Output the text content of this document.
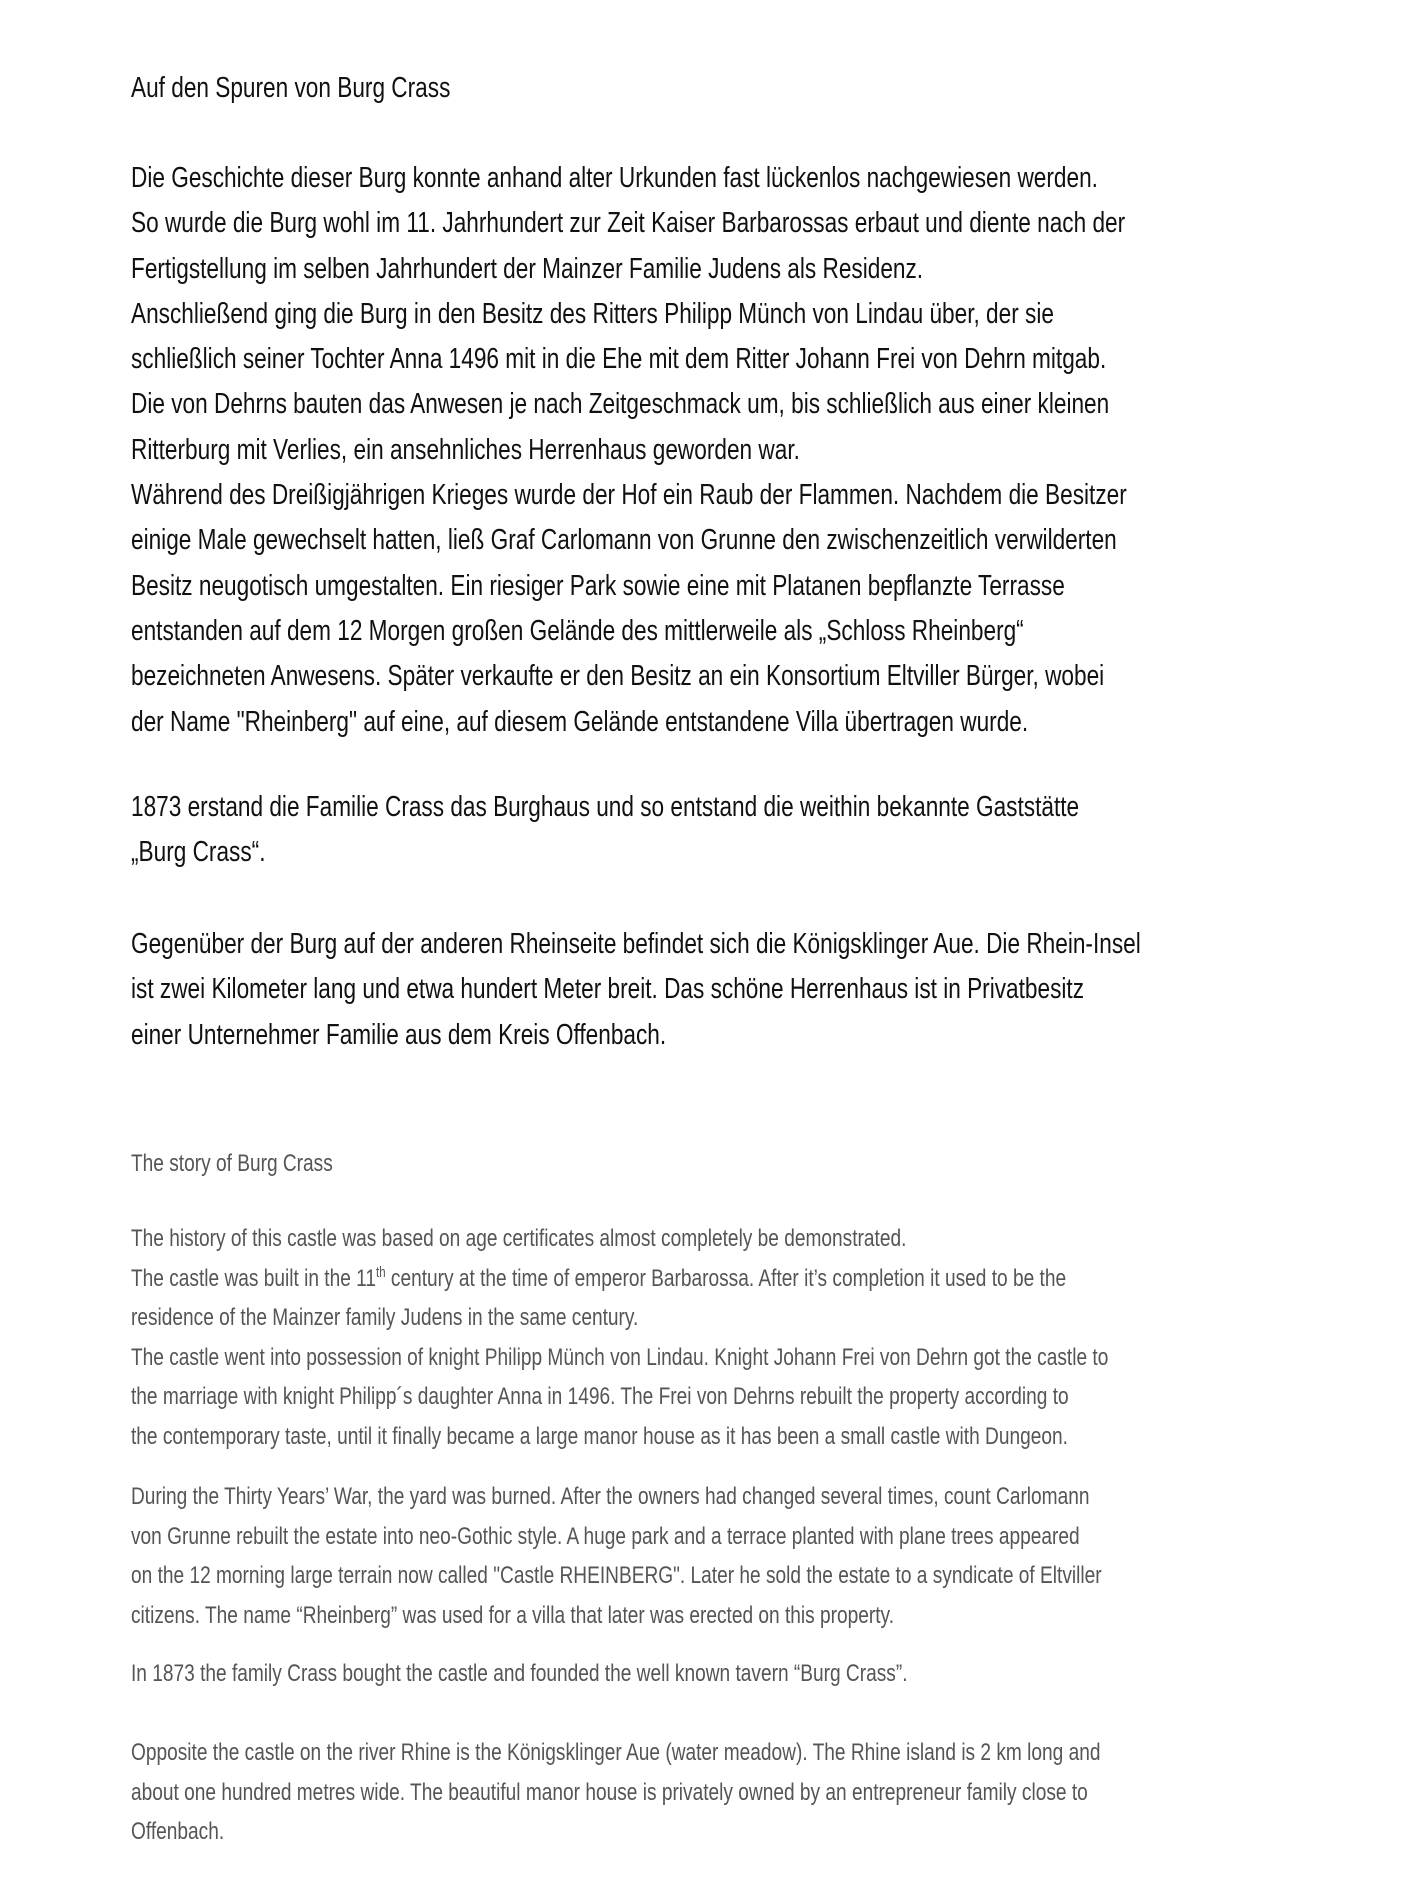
Auf den Spuren von Burg Crass
Die Geschichte dieser Burg konnte anhand alter Urkunden fast lückenlos nachgewiesen werden.
So wurde die Burg wohl im 11. Jahrhundert zur Zeit Kaiser Barbarossas erbaut und diente nach der
Fertigstellung im selben Jahrhundert der Mainzer Familie Judens als Residenz.
Anschließend ging die Burg in den Besitz des Ritters Philipp Münch von Lindau über, der sie
schließlich seiner Tochter Anna 1496 mit in die Ehe mit dem Ritter Johann Frei von Dehrn mitgab.
Die von Dehrns bauten das Anwesen je nach Zeitgeschmack um, bis schließlich aus einer kleinen
Ritterburg mit Verlies, ein ansehnliches Herrenhaus geworden war.
Während des Dreißigjährigen Krieges wurde der Hof ein Raub der Flammen. Nachdem die Besitzer
einige Male gewechselt hatten, ließ Graf Carlomann von Grunne den zwischenzeitlich verwilderten
Besitz neugotisch umgestalten. Ein riesiger Park sowie eine mit Platanen bepflanzte Terrasse
entstanden auf dem 12 Morgen großen Gelände des mittlerweile als „Schloss Rheinberg“
bezeichneten Anwesens. Später verkaufte er den Besitz an ein Konsortium Eltviller Bürger, wobei
der Name "Rheinberg" auf eine, auf diesem Gelände entstandene Villa übertragen wurde.
1873 erstand die Familie Crass das Burghaus und so entstand die weithin bekannte Gaststätte
„Burg Crass“.
Gegenüber der Burg auf der anderen Rheinseite befindet sich die Königsklinger Aue. Die Rhein-Insel
ist zwei Kilometer lang und etwa hundert Meter breit. Das schöne Herrenhaus ist in Privatbesitz
einer Unternehmer Familie aus dem Kreis Offenbach.
The story of Burg Crass
The history of this castle was based on age certificates almost completely be demonstrated.
The castle was built in the 11th century at the time of emperor Barbarossa. After it’s completion it used to be the
residence of the Mainzer family Judens in the same century.
The castle went into possession of knight Philipp Münch von Lindau. Knight Johann Frei von Dehrn got the castle to
the marriage with knight Philipp´s daughter Anna in 1496. The Frei von Dehrns rebuilt the property according to
the contemporary taste, until it finally became a large manor house as it has been a small castle with Dungeon.
During the Thirty Years’ War, the yard was burned. After the owners had changed several times, count Carlomann
von Grunne rebuilt the estate into neo-Gothic style. A huge park and a terrace planted with plane trees appeared
on the 12 morning large terrain now called "Castle RHEINBERG". Later he sold the estate to a syndicate of Eltviller
citizens. The name “Rheinberg” was used for a villa that later was erected on this property.
In 1873 the family Crass bought the castle and founded the well known tavern “Burg Crass”.
Opposite the castle on the river Rhine is the Königsklinger Aue (water meadow). The Rhine island is 2 km long and
about one hundred metres wide. The beautiful manor house is privately owned by an entrepreneur family close to
Offenbach.
